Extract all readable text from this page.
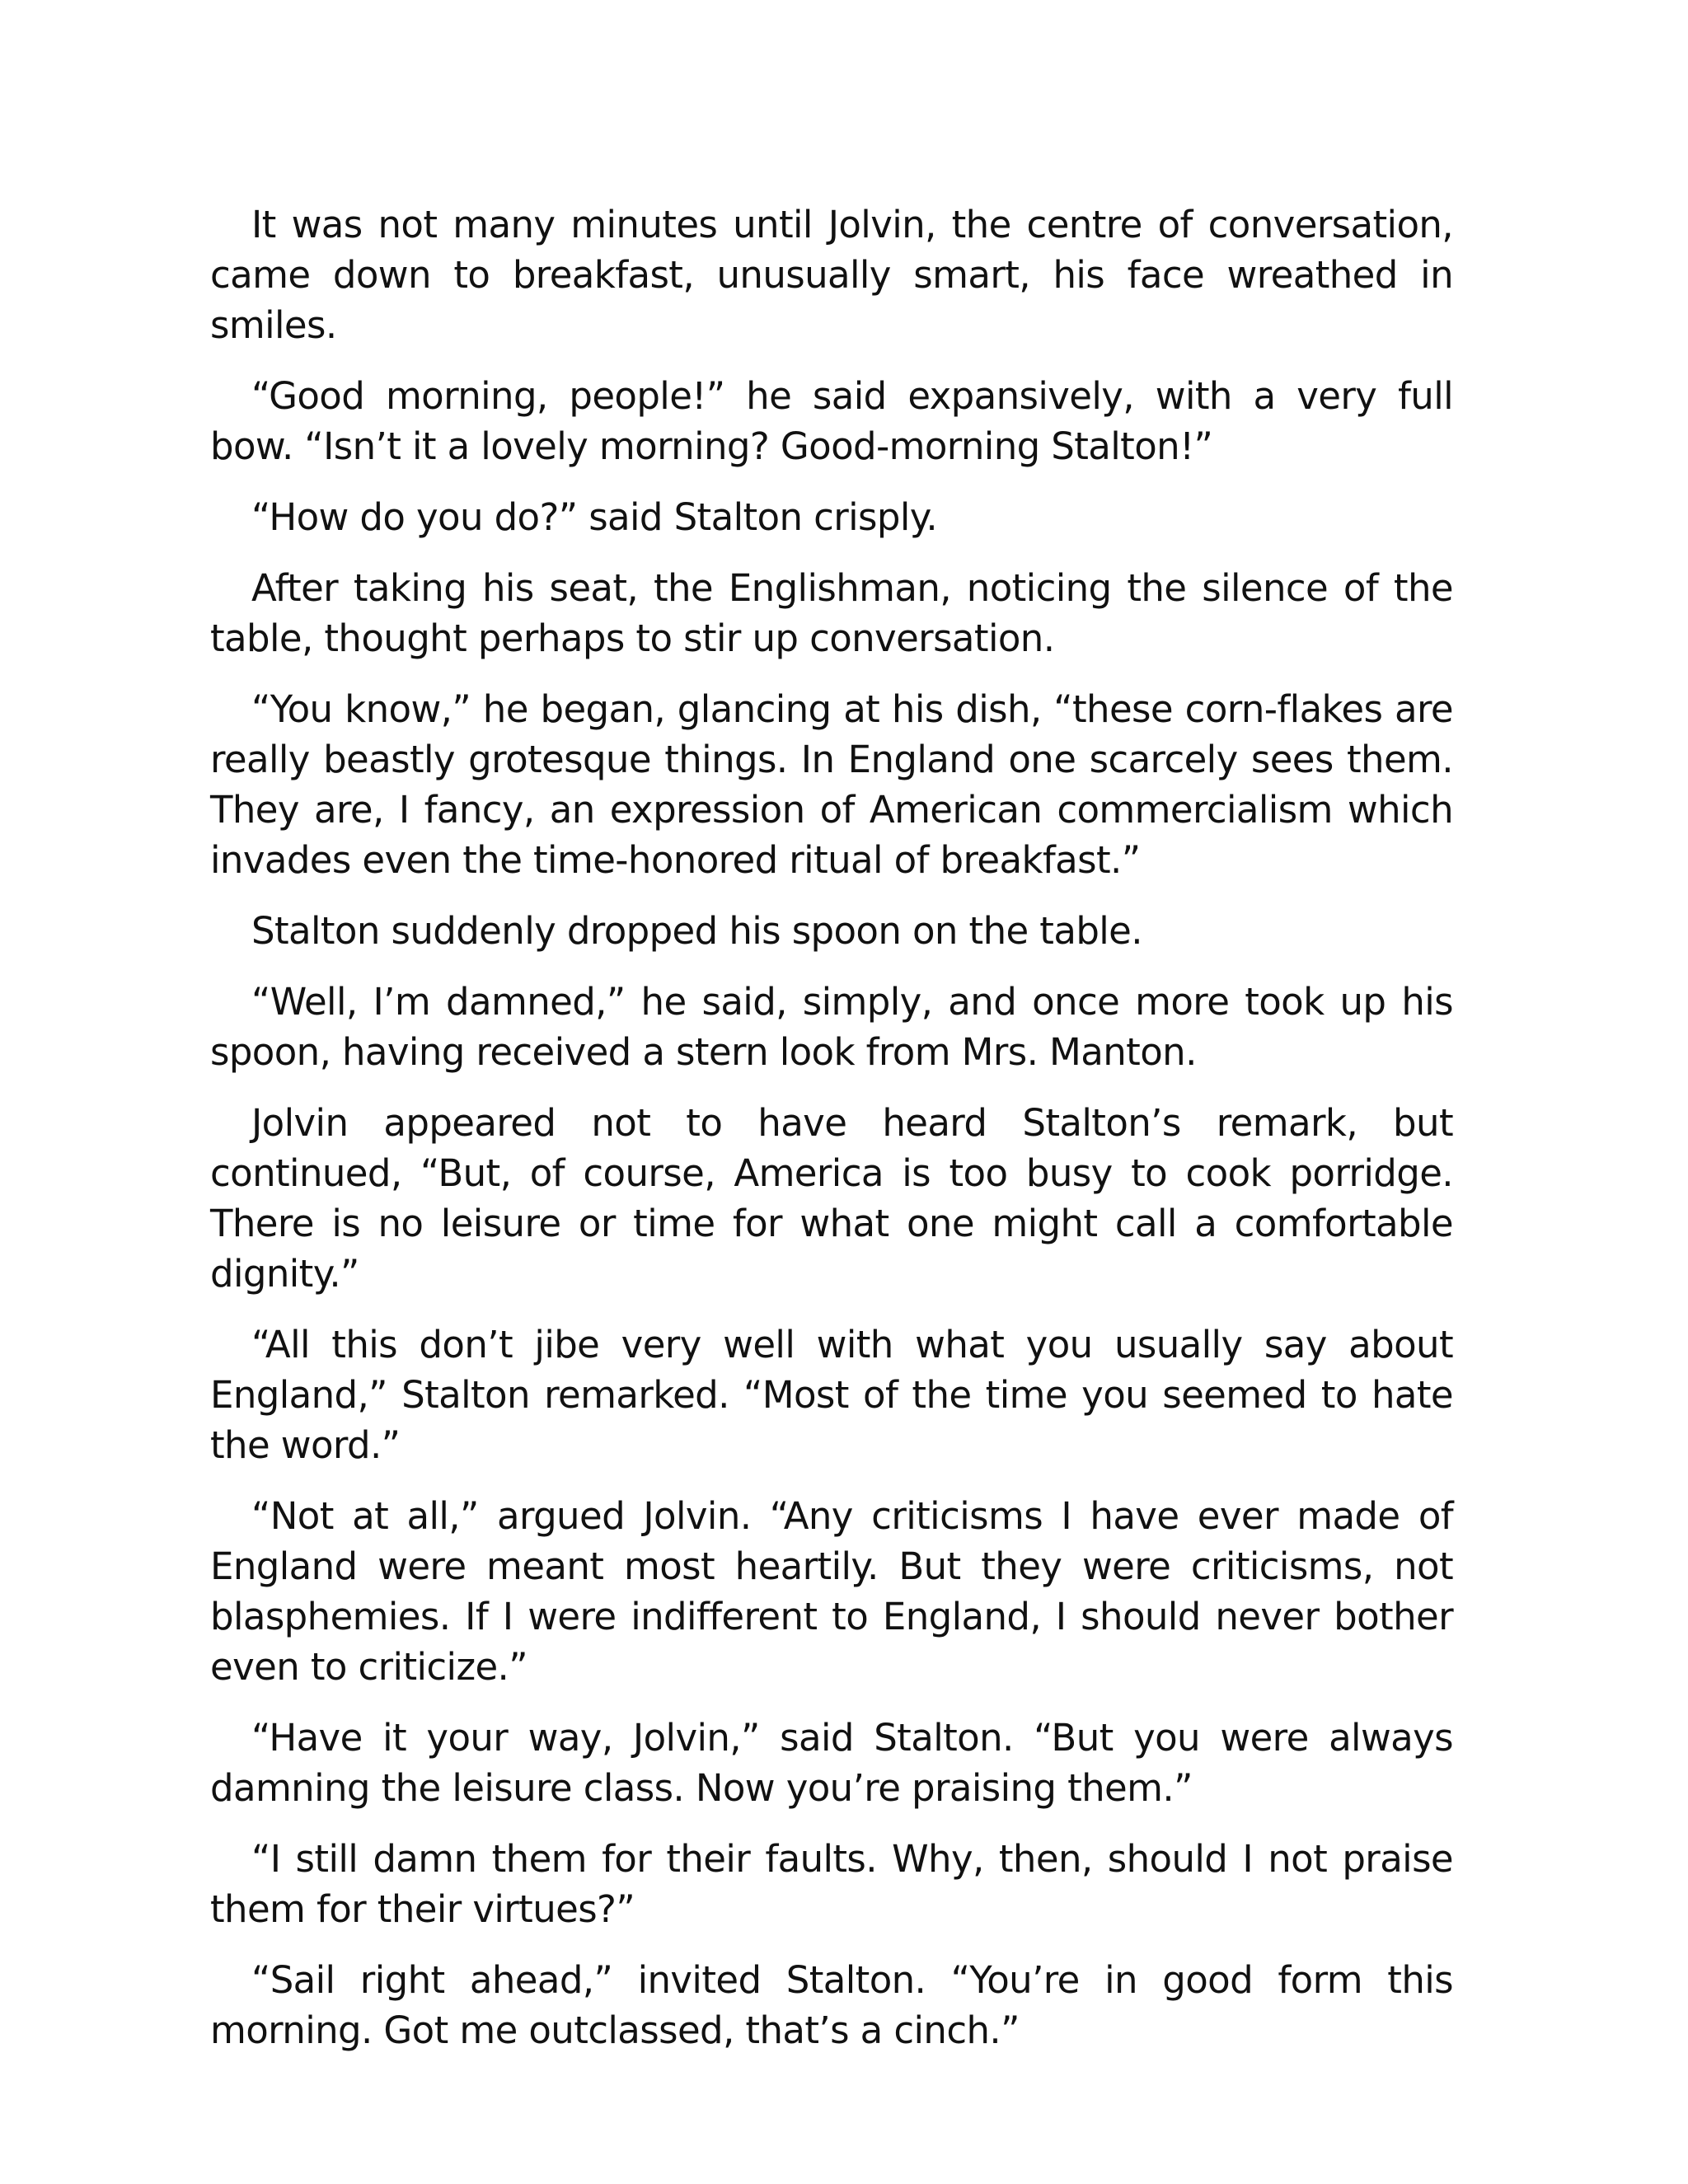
It was not many minutes until Jolvin, the centre of conversation, came down to breakfast, unusually smart, his face wreathed in smiles.

“Good morning, people!” he said expansively, with a very full bow. “Isn’t it a lovely morning? Good-morning Stalton!”

“How do you do?” said Stalton crisply.

After taking his seat, the Englishman, noticing the silence of the table, thought perhaps to stir up conversation.

“You know,” he began, glancing at his dish, “these corn-flakes are really beastly grotesque things. In England one scarcely sees them. They are, I fancy, an expression of American commercialism which invades even the time-honored ritual of breakfast.”

Stalton suddenly dropped his spoon on the table.

“Well, I’m damned,” he said, simply, and once more took up his spoon, having received a stern look from Mrs. Manton.

Jolvin appeared not to have heard Stalton’s remark, but continued, “But, of course, America is too busy to cook porridge. There is no leisure or time for what one might call a comfortable dignity.”

“All this don’t jibe very well with what you usually say about England,” Stalton remarked. “Most of the time you seemed to hate the word.”

“Not at all,” argued Jolvin. “Any criticisms I have ever made of England were meant most heartily. But they were criticisms, not blasphemies. If I were indifferent to England, I should never bother even to criticize.”

“Have it your way, Jolvin,” said Stalton. “But you were always damning the leisure class. Now you’re praising them.”

“I still damn them for their faults. Why, then, should I not praise them for their virtues?”

“Sail right ahead,” invited Stalton. “You’re in good form this morning. Got me outclassed, that’s a cinch.”
